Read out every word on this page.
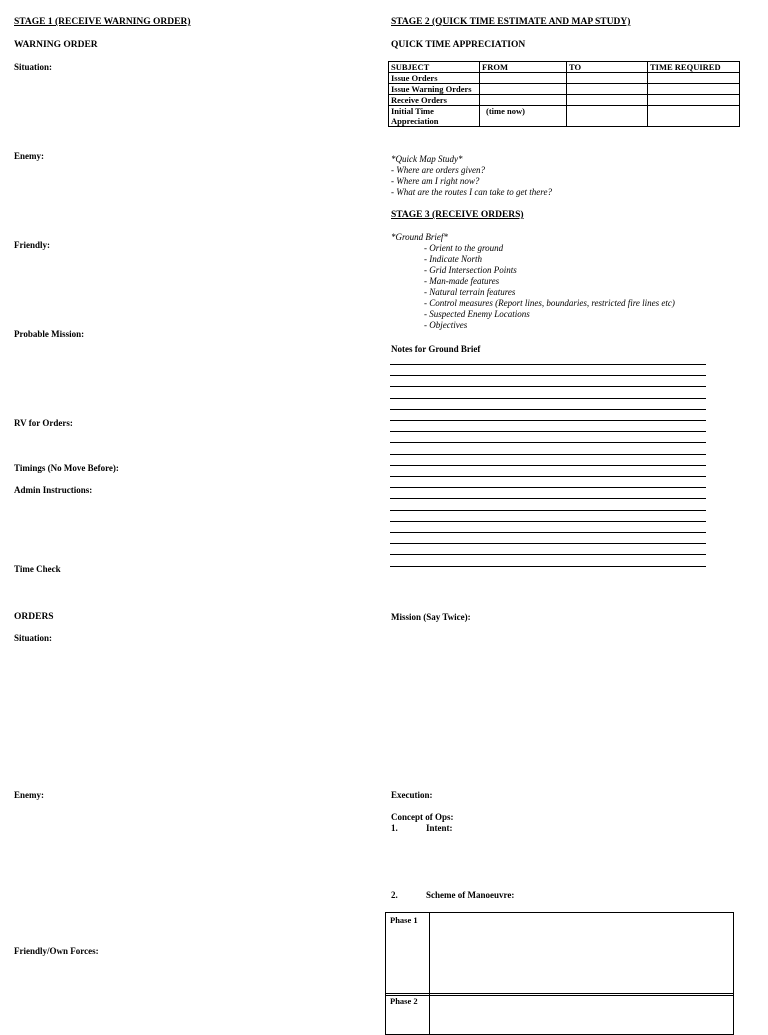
STAGE 1 (RECEIVE WARNING ORDER)
WARNING ORDER
Situation:
Enemy:
Friendly:
Probable Mission:
RV for Orders:
Timings (No Move Before):
Admin Instructions:
Time Check
ORDERS
Situation:
Enemy:
Friendly/Own Forces:
STAGE 2 (QUICK TIME ESTIMATE AND MAP STUDY)
QUICK TIME APPRECIATION
SUBJECT	FROM	TO	TIME REQUIRED
Issue Orders			
Issue Warning Orders			
Receive Orders			
Initial Time Appreciation	(time now)		
*Quick Map Study*
- Where are orders given?
- Where am I right now?
- What are the routes I can take to get there?
STAGE 3 (RECEIVE ORDERS)
*Ground Brief*
- Orient to the ground
- Indicate North
- Grid Intersection Points
- Man-made features
- Natural terrain features
- Control measures (Report lines, boundaries, restricted fire lines etc)
- Suspected Enemy Locations
- Objectives
Notes for Ground Brief
Mission (Say Twice):
Execution:
Concept of Ops:
1.	Intent:
2.	Scheme of Manoeuvre:
Phase 1
Phase 2
